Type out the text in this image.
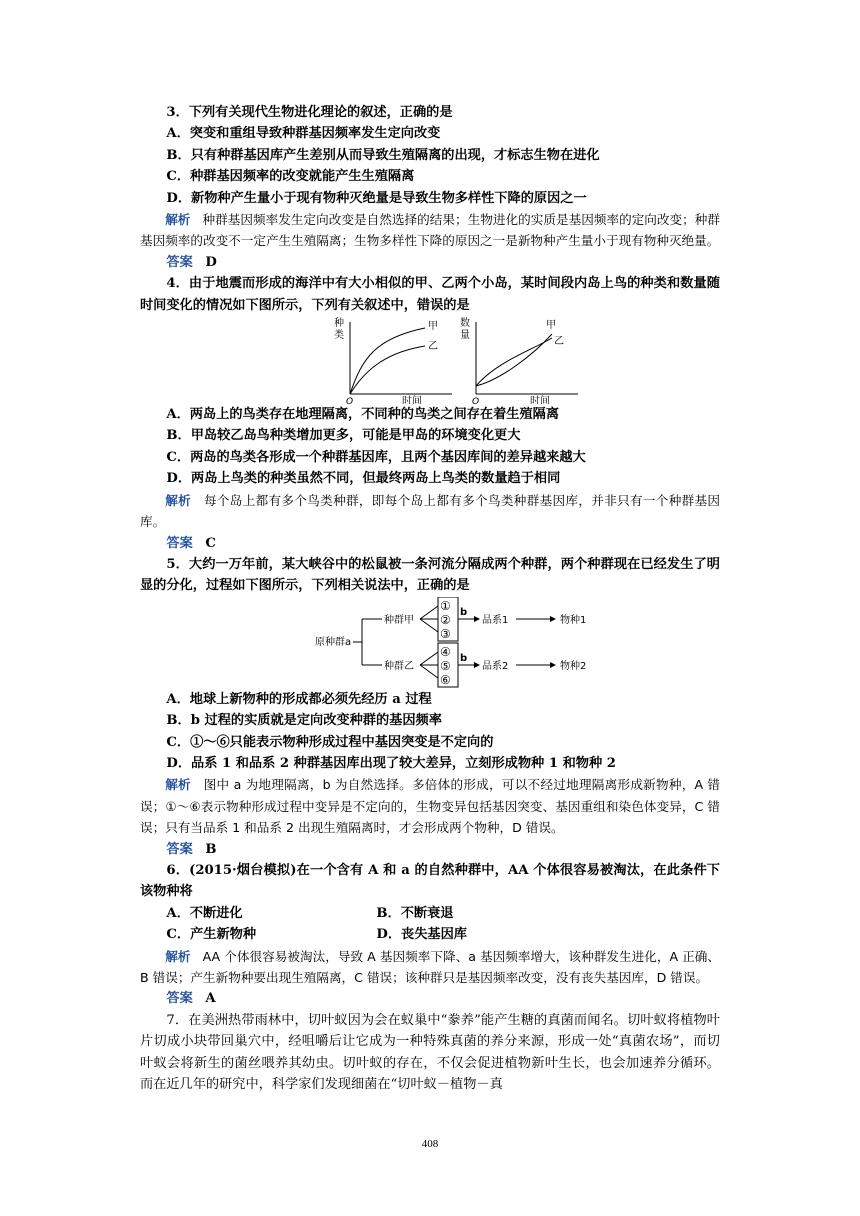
3．下列有关现代生物进化理论的叙述，正确的是

A．突变和重组导致种群基因频率发生定向改变

B．只有种群基因库产生差别从而导致生殖隔离的出现，才标志生物在进化

C．种群基因频率的改变就能产生生殖隔离

D．新物种产生量小于现有物种灭绝量是导致生物多样性下降的原因之一

解析 种群基因频率发生定向改变是自然选择的结果；生物进化的实质是基因频率的定向改变；种群基因频率的改变不一定产生生殖隔离；生物多样性下降的原因之一是新物种产生量小于现有物种灭绝量。

答案 D

4．由于地震而形成的海洋中有大小相似的甲、乙两个小岛，某时间段内岛上鸟的种类和数量随时间变化的情况如下图所示，下列有关叙述中，错误的是

种
类
甲
乙
O	时间
数
量
甲
乙
O	时间

A．两岛上的鸟类存在地理隔离，不同种的鸟类之间存在着生殖隔离

B．甲岛较乙岛鸟种类增加更多，可能是甲岛的环境变化更大

C．两岛的鸟类各形成一个种群基因库，且两个基因库间的差异越来越大

D．两岛上鸟类的种类虽然不同，但最终两岛上鸟类的数量趋于相同

解析 每个岛上都有多个鸟类种群，即每个岛上都有多个鸟类种群基因库，并非只有一个种群基因库。

答案 C

5．大约一万年前，某大峡谷中的松鼠被一条河流分隔成两个种群，两个种群现在已经发生了明显的分化，过程如下图所示，下列相关说法中，正确的是

原种群a
种群甲
种群乙
①
②
③
④
⑤
⑥
b
品系1	物种1
b
品系2	物种2

A．地球上新物种的形成都必须先经历 a 过程

B．b 过程的实质就是定向改变种群的基因频率

C．①～⑥只能表示物种形成过程中基因突变是不定向的

D．品系 1 和品系 2 种群基因库出现了较大差异，立刻形成物种 1 和物种 2

解析 图中 a 为地理隔离，b 为自然选择。多倍体的形成，可以不经过地理隔离形成新物种，A 错误；①～⑥表示物种形成过程中变异是不定向的，生物变异包括基因突变、基因重组和染色体变异，C 错误；只有当品系 1 和品系 2 出现生殖隔离时，才会形成两个物种，D 错误。

答案 B

6．(2015·烟台模拟)在一个含有 A 和 a 的自然种群中，AA 个体很容易被淘汰，在此条件下该物种将

A．不断进化	B．不断衰退
C．产生新物种	D．丧失基因库

解析 AA 个体很容易被淘汰，导致 A 基因频率下降、a 基因频率增大，该种群发生进化，A 正确、B 错误；产生新物种要出现生殖隔离，C 错误；该种群只是基因频率改变，没有丧失基因库，D 错误。

答案 A

7．在美洲热带雨林中，切叶蚁因为会在蚁巢中“豢养”能产生糖的真菌而闻名。切叶蚁将植物叶片切成小块带回巢穴中，经咀嚼后让它成为一种特殊真菌的养分来源，形成一处“真菌农场”，而切叶蚁会将新生的菌丝喂养其幼虫。切叶蚁的存在，不仅会促进植物新叶生长，也会加速养分循环。而在近几年的研究中，科学家们发现细菌在“切叶蚁－植物－真

408
